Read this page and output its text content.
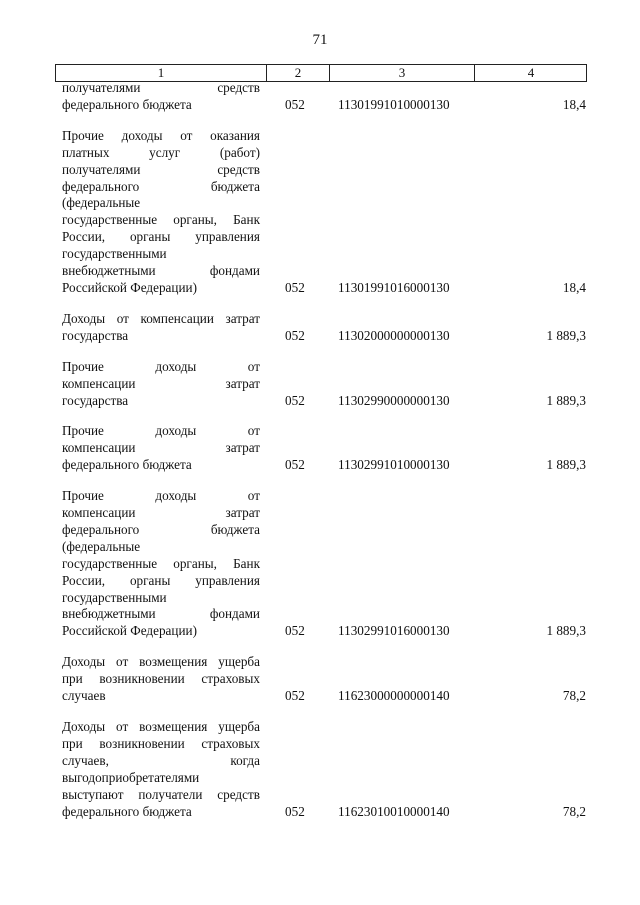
71
1	2	3	4
получателями средств
федерального бюджета	052	11301991010000130	18,4
Прочие доходы от оказания
платных услуг (работ)
получателями средств
федерального бюджета
(федеральные
государственные органы, Банк
России, органы управления
государственными
внебюджетными фондами
Российской Федерации)	052	11301991016000130	18,4
Доходы от компенсации затрат
государства	052	11302000000000130	1 889,3
Прочие доходы от
компенсации затрат
государства	052	11302990000000130	1 889,3
Прочие доходы от
компенсации затрат
федерального бюджета	052	11302991010000130	1 889,3
Прочие доходы от
компенсации затрат
федерального бюджета
(федеральные
государственные органы, Банк
России, органы управления
государственными
внебюджетными фондами
Российской Федерации)	052	11302991016000130	1 889,3
Доходы от возмещения ущерба
при возникновении страховых
случаев	052	11623000000000140	78,2
Доходы от возмещения ущерба
при возникновении страховых
случаев, когда
выгодоприобретателями
выступают получатели средств
федерального бюджета	052	11623010010000140	78,2
